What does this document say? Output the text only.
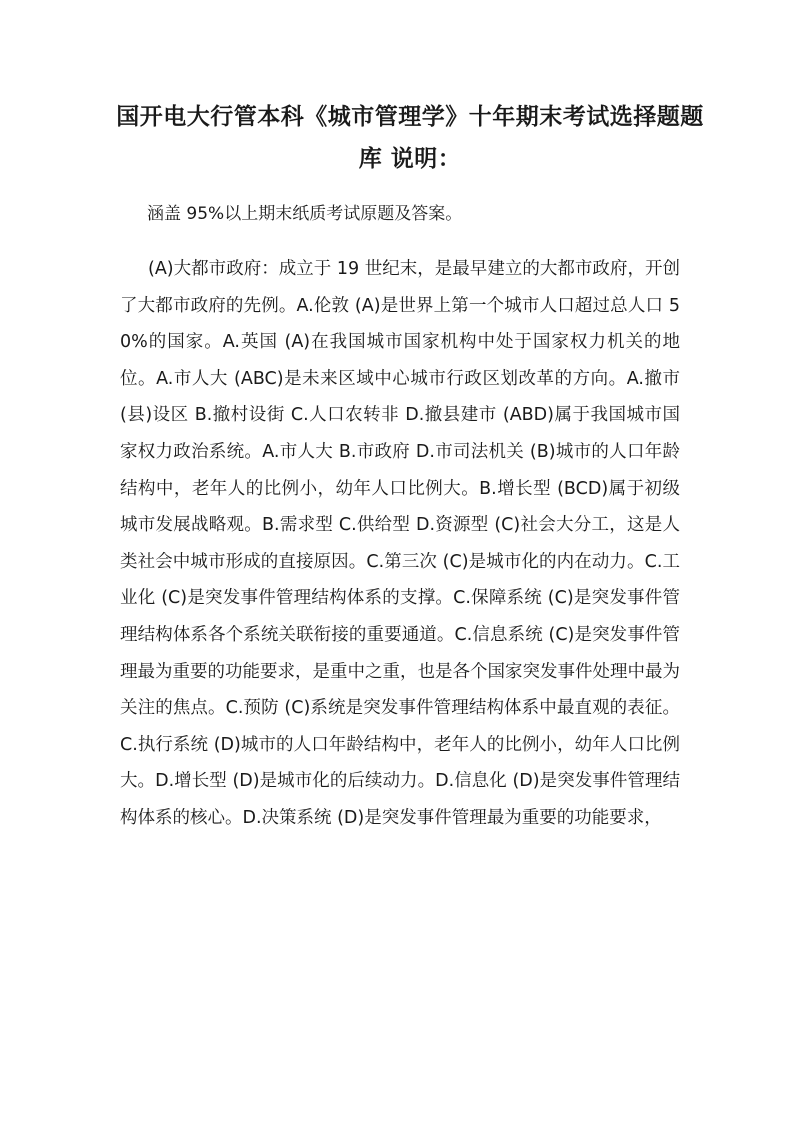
国开电大行管本科《城市管理学》十年期末考试选择题题库 说明：

涵盖 95%以上期末纸质考试原题及答案。

(A)大都市政府：成立于 19 世纪末，是最早建立的大都市政府，开创了大都市政府的先例。A.伦敦 (A)是世界上第一个城市人口超过总人口 50%的国家。A.英国 (A)在我国城市国家机构中处于国家权力机关的地位。A.市人大 (ABC)是未来区域中心城市行政区划改革的方向。A.撤市(县)设区 B.撤村设街 C.人口农转非 D.撤县建市 (ABD)属于我国城市国家权力政治系统。A.市人大 B.市政府 D.市司法机关 (B)城市的人口年龄结构中，老年人的比例小，幼年人口比例大。B.增长型 (BCD)属于初级城市发展战略观。B.需求型 C.供给型 D.资源型 (C)社会大分工，这是人类社会中城市形成的直接原因。C.第三次 (C)是城市化的内在动力。C.工业化 (C)是突发事件管理结构体系的支撑。C.保障系统 (C)是突发事件管理结构体系各个系统关联衔接的重要通道。C.信息系统 (C)是突发事件管理最为重要的功能要求，是重中之重，也是各个国家突发事件处理中最为关注的焦点。C.预防 (C)系统是突发事件管理结构体系中最直观的表征。C.执行系统 (D)城市的人口年龄结构中，老年人的比例小，幼年人口比例大。D.增长型 (D)是城市化的后续动力。D.信息化 (D)是突发事件管理结构体系的核心。D.决策系统 (D)是突发事件管理最为重要的功能要求，
